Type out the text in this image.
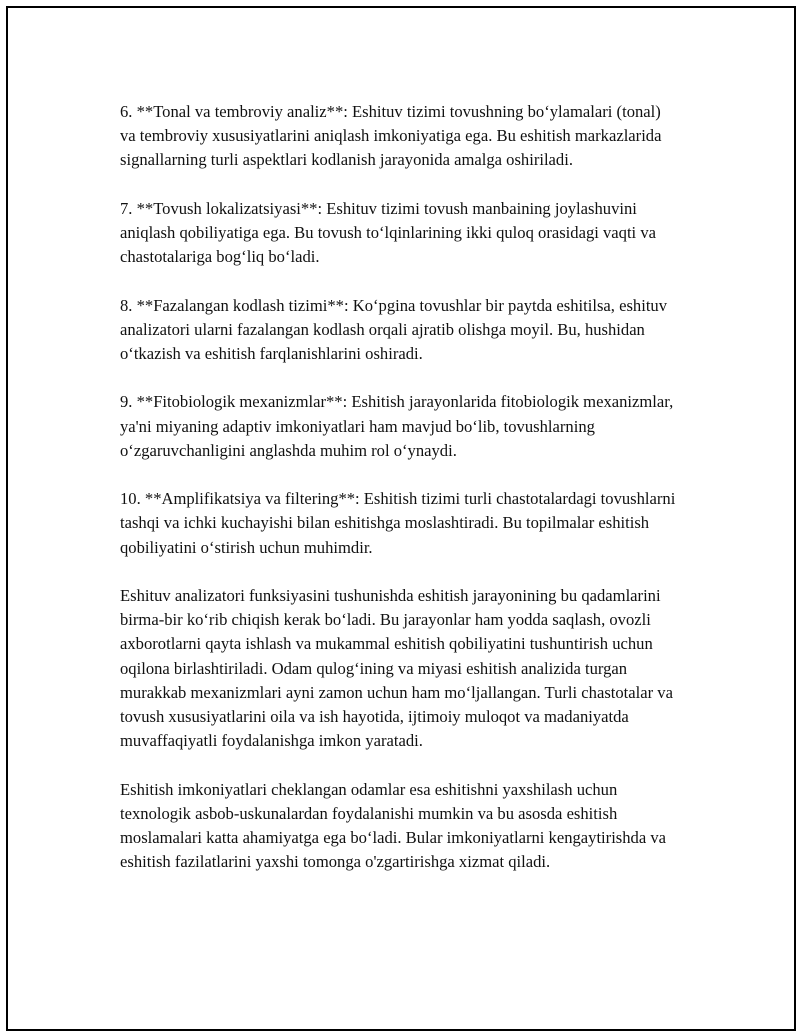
6. **Tonal va tembroviy analiz**: Eshituv tizimi tovushning bo‘ylamalari (tonal) va tembroviy xususiyatlarini aniqlash imkoniyatiga ega. Bu eshitish markazlarida signallarning turli aspektlari kodlanish jarayonida amalga oshiriladi.

7. **Tovush lokalizatsiyasi**: Eshituv tizimi tovush manbaining joylashuvini aniqlash qobiliyatiga ega. Bu tovush to‘lqinlarining ikki quloq orasidagi vaqti va chastotalariga bog‘liq bo‘ladi.

8. **Fazalangan kodlash tizimi**: Ko‘pgina tovushlar bir paytda eshitilsa, eshituv analizatori ularni fazalangan kodlash orqali ajratib olishga moyil. Bu, hushidan o‘tkazish va eshitish farqlanishlarini oshiradi.

9. **Fitobiologik mexanizmlar**: Eshitish jarayonlarida fitobiologik mexanizmlar, ya'ni miyaning adaptiv imkoniyatlari ham mavjud bo‘lib, tovushlarning o‘zgaruvchanligini anglashda muhim rol o‘ynaydi.

10. **Amplifikatsiya va filtering**: Eshitish tizimi turli chastotalardagi tovushlarni tashqi va ichki kuchayishi bilan eshitishga moslashtiradi. Bu topilmalar eshitish qobiliyatini o‘stirish uchun muhimdir.

Eshituv analizatori funksiyasini tushunishda eshitish jarayonining bu qadamlarini birma-bir ko‘rib chiqish kerak bo‘ladi. Bu jarayonlar ham yodda saqlash, ovozli axborotlarni qayta ishlash va mukammal eshitish qobiliyatini tushuntirish uchun oqilona birlashtiriladi. Odam qulog‘ining va miyasi eshitish analizida turgan murakkab mexanizmlari ayni zamon uchun ham mo‘ljallangan. Turli chastotalar va tovush xususiyatlarini oila va ish hayotida, ijtimoiy muloqot va madaniyatda muvaffaqiyatli foydalanishga imkon yaratadi.

Eshitish imkoniyatlari cheklangan odamlar esa eshitishni yaxshilash uchun texnologik asbob-uskunalardan foydalanishi mumkin va bu asosda eshitish moslamalari katta ahamiyatga ega bo‘ladi. Bular imkoniyatlarni kengaytirishda va eshitish fazilatlarini yaxshi tomonga o'zgartirishga xizmat qiladi.
